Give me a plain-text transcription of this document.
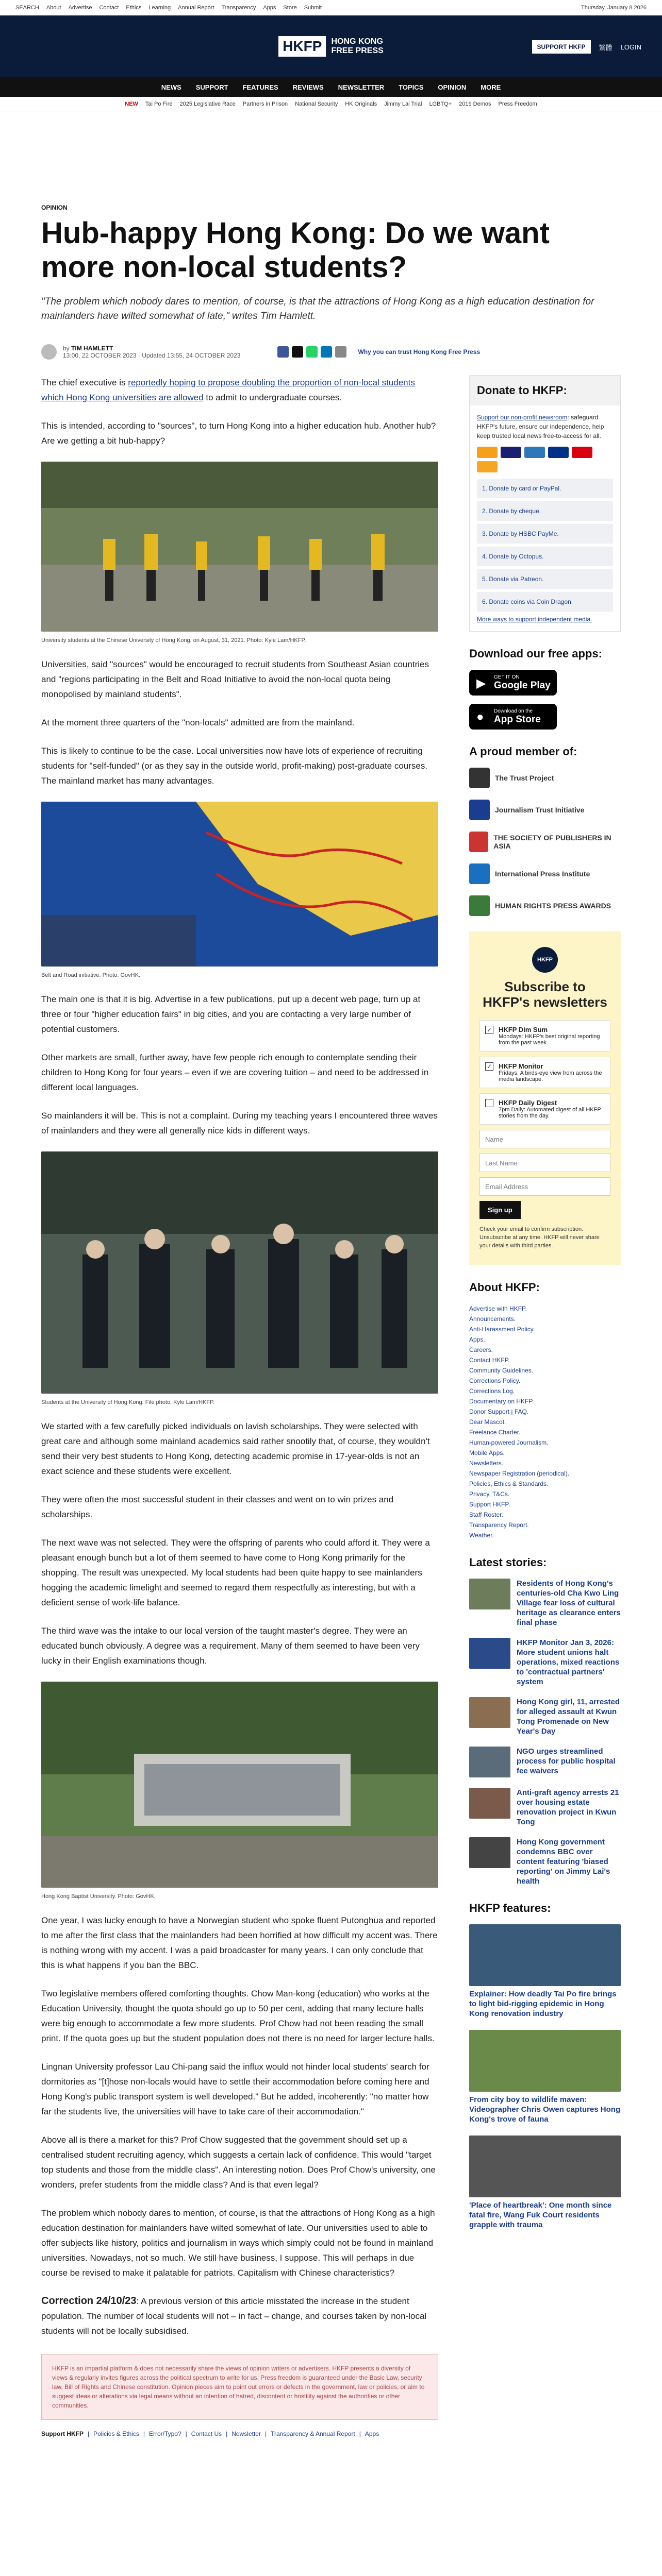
SEARCH About Advertise Contact Ethics Learning Annual Report Transparency Apps Store Submit	Thursday, January 8 2026
HKFP	HONG KONG
FREE PRESS	SUPPORT HKFP	繁體 LOGIN
NEWS SUPPORT FEATURES REVIEWS NEWSLETTER TOPICS OPINION MORE
NEW Tai Po Fire 2025 Legislative Race Partners in Prison National Security HK Originals Jimmy Lai Trial LGBTQ+ 2019 Demos Press Freedom
OPINION
Hub-happy Hong Kong: Do we want more non-local students?
"The problem which nobody dares to mention, of course, is that the attractions of Hong Kong as a high education destination for mainlanders have wilted somewhat of late," writes Tim Hamlett.
by TIM HAMLETT
13:00, 22 OCTOBER 2023 · Updated 13:55, 24 OCTOBER 2023	Why you can trust Hong Kong Free Press

The chief executive is reportedly hoping to propose doubling the proportion of non-local students which Hong Kong universities are allowed to admit to undergraduate courses.

This is intended, according to "sources", to turn Hong Kong into a higher education hub. Another hub? Are we getting a bit hub-happy?

University students at the Chinese University of Hong Kong, on August, 31, 2021. Photo: Kyle Lam/HKFP.

Universities, said "sources" would be encouraged to recruit students from Southeast Asian countries and "regions participating in the Belt and Road Initiative to avoid the non-local quota being monopolised by mainland students".

At the moment three quarters of the "non-locals" admitted are from the mainland.

This is likely to continue to be the case. Local universities now have lots of experience of recruiting students for "self-funded" (or as they say in the outside world, profit-making) post-graduate courses. The mainland market has many advantages.

Belt and Road initiative. Photo: GovHK.

The main one is that it is big. Advertise in a few publications, put up a decent web page, turn up at three or four "higher education fairs" in big cities, and you are contacting a very large number of potential customers.

Other markets are small, further away, have few people rich enough to contemplate sending their children to Hong Kong for four years – even if we are covering tuition – and need to be addressed in different local languages.

So mainlanders it will be. This is not a complaint. During my teaching years I encountered three waves of mainlanders and they were all generally nice kids in different ways.

Students at the University of Hong Kong. File photo: Kyle Lam/HKFP.

We started with a few carefully picked individuals on lavish scholarships. They were selected with great care and although some mainland academics said rather snootily that, of course, they wouldn't send their very best students to Hong Kong, detecting academic promise in 17-year-olds is not an exact science and these students were excellent.

They were often the most successful student in their classes and went on to win prizes and scholarships.

The next wave was not selected. They were the offspring of parents who could afford it. They were a pleasant enough bunch but a lot of them seemed to have come to Hong Kong primarily for the shopping. The result was unexpected. My local students had been quite happy to see mainlanders hogging the academic limelight and seemed to regard them respectfully as interesting, but with a deficient sense of work-life balance.

The third wave was the intake to our local version of the taught master's degree. They were an educated bunch obviously. A degree was a requirement. Many of them seemed to have been very lucky in their English examinations though.

Hong Kong Baptist University. Photo: GovHK.

One year, I was lucky enough to have a Norwegian student who spoke fluent Putonghua and reported to me after the first class that the mainlanders had been horrified at how difficult my accent was. There is nothing wrong with my accent. I was a paid broadcaster for many years. I can only conclude that this is what happens if you ban the BBC.

Two legislative members offered comforting thoughts. Chow Man-kong (education) who works at the Education University, thought the quota should go up to 50 per cent, adding that many lecture halls were big enough to accommodate a few more students. Prof Chow had not been reading the small print. If the quota goes up but the student population does not there is no need for larger lecture halls.

Lingnan University professor Lau Chi-pang said the influx would not hinder local students' search for dormitories as "[t]hose non-locals would have to settle their accommodation before coming here and Hong Kong's public transport system is well developed." But he added, incoherently: "no matter how far the students live, the universities will have to take care of their accommodation."

Above all is there a market for this? Prof Chow suggested that the government should set up a centralised student recruiting agency, which suggests a certain lack of confidence. This would "target top students and those from the middle class". An interesting notion. Does Prof Chow's university, one wonders, prefer students from the middle class? And is that even legal?

The problem which nobody dares to mention, of course, is that the attractions of Hong Kong as a high education destination for mainlanders have wilted somewhat of late. Our universities used to able to offer subjects like history, politics and journalism in ways which simply could not be found in mainland universities. Nowadays, not so much. We still have business, I suppose. This will perhaps in due course be revised to make it palatable for patriots. Capitalism with Chinese characteristics?

Correction 24/10/23: A previous version of this article misstated the increase in the student population. The number of local students will not – in fact – change, and courses taken by non-local students will not be locally subsidised.
HKFP is an impartial platform & does not necessarily share the views of opinion writers or advertisers. HKFP presents a diversity of views & regularly invites figures across the political spectrum to write for us. Press freedom is guaranteed under the Basic Law, security law, Bill of Rights and Chinese constitution. Opinion pieces aim to point out errors or defects in the government, law or policies, or aim to suggest ideas or alterations via legal means without an intention of hatred, discontent or hostility against the authorities or other communities.
Support HKFP | Policies & Ethics | Error/Typo? | Contact Us | Newsletter | Transparency & Annual Report | Apps
Donate to HKFP:
Support our non-profit newsroom: safeguard HKFP's future, ensure our independence, help keep trusted local news free-to-access for all.
1. Donate by card or PayPal.
2. Donate by cheque.
3. Donate by HSBC PayMe.
4. Donate by Octopus.
5. Donate via Patreon.
6. Donate coins via Coin Dragon.
More ways to support independent media.
Download our free apps:
▶ GET IT ON
Google Play
● Download on the
App Store
A proud member of:
The Trust Project
Journalism Trust Initiative
THE SOCIETY OF PUBLISHERS IN ASIA
International Press Institute
HUMAN RIGHTS PRESS AWARDS
HKFP
Subscribe to HKFP's newsletters
✓ HKFP Dim Sum
Mondays: HKFP's best original reporting from the past week.
✓ HKFP Monitor
Fridays: A birds-eye view from across the media landscape.
HKFP Daily Digest
7pm Daily: Automated digest of all HKFP stories from the day.
Name Last Name Email Address Sign up
Check your email to confirm subscription. Unsubscribe at any time. HKFP will never share your details with third parties.
About HKFP:
Advertise with HKFP.
Announcements.
Anti-Harassment Policy.
Apps.
Careers.
Contact HKFP.
Community Guidelines.
Corrections Policy.
Corrections Log.
Documentary on HKFP.
Donor Support | FAQ.
Dear Mascot.
Freelance Charter.
Human-powered Journalism.
Mobile Apps.
Newsletters.
Newspaper Registration (periodical).
Policies, Ethics & Standards.
Privacy, T&Cs.
Support HKFP.
Staff Roster.
Transparency Report.
Weather.
Latest stories:
Residents of Hong Kong's centuries-old Cha Kwo Ling Village fear loss of cultural heritage as clearance enters final phase
HKFP Monitor Jan 3, 2026: More student unions halt operations, mixed reactions to 'contractual partners' system
Hong Kong girl, 11, arrested for alleged assault at Kwun Tong Promenade on New Year's Day
NGO urges streamlined process for public hospital fee waivers
Anti-graft agency arrests 21 over housing estate renovation project in Kwun Tong
Hong Kong government condemns BBC over content featuring 'biased reporting' on Jimmy Lai's health
HKFP features:
Explainer: How deadly Tai Po fire brings to light bid-rigging epidemic in Hong Kong renovation industry
From city boy to wildlife maven: Videographer Chris Owen captures Hong Kong's trove of fauna
'Place of heartbreak': One month since fatal fire, Wang Fuk Court residents grapple with trauma
